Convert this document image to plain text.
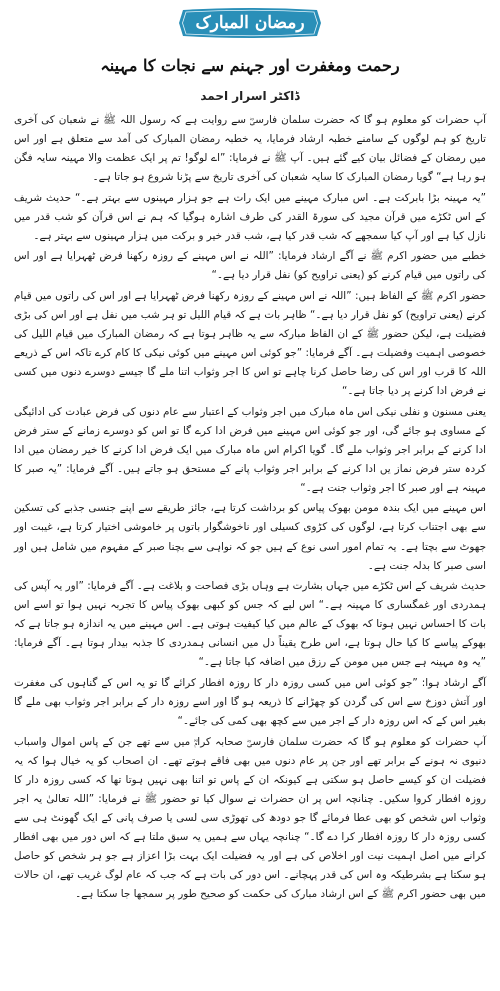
رمضان المبارک
رحمت ومغفرت اور جہنم سے نجات کا مہینہ
ڈاکٹر اسرار احمد

آپ حضرات کو معلوم ہو گا کہ حضرت سلمان فارسیؓ سے روایت ہے کہ رسول اللہ ﷺ نے شعبان کی آخری تاریخ کو ہم لوگوں کے سامنے خطبہ ارشاد فرمایا، یہ خطبہ رمضان المبارک کی آمد سے متعلق ہے اور اس میں رمضان کے فضائل بیان کیے گئے ہیں۔ آپ ﷺ نے فرمایا: ”اے لوگو! تم پر ایک عظمت والا مہینہ سایہ فگن ہو رہا ہے“ گویا رمضان المبارک کا سایہ شعبان کی آخری تاریخ سے پڑنا شروع ہو جاتا ہے۔

”یہ مہینہ بڑا بابرکت ہے۔ اس مبارک مہینے میں ایک رات ہے جو ہزار مہینوں سے بہتر ہے۔“ حدیث شریف کے اس ٹکڑے میں قرآن مجید کی سورۃ القدر کی طرف اشارہ ہوگیا کہ ہم نے اس قرآن کو شب قدر میں نازل کیا ہے اور آپ کیا سمجھے کہ شب قدر کیا ہے، شب قدر خیر و برکت میں ہزار مہینوں سے بہتر ہے۔

خطبے میں حضور اکرم ﷺ نے آگے ارشاد فرمایا: ”اللہ نے اس مہینے کے روزہ رکھنا فرض ٹھہرایا ہے اور اس کی راتوں میں قیام کرنے کو (یعنی تراویح کو) نفل قرار دیا ہے۔“

حضور اکرم ﷺ کے الفاظ ہیں: ”اللہ نے اس مہینے کے روزہ رکھنا فرض ٹھہرایا ہے اور اس کی راتوں میں قیام کرنے (یعنی تراویح) کو نفل قرار دیا ہے۔“ ظاہر بات ہے کہ قیام اللیل تو ہر شب میں نفل ہے اور اس کی بڑی فضیلت ہے، لیکن حضور ﷺ کے ان الفاظ مبارکہ سے یہ ظاہر ہوتا ہے کہ رمضان المبارک میں قیام اللیل کی خصوصی اہمیت وفضیلت ہے۔ آگے فرمایا: ”جو کوئی اس مہینے میں کوئی نیکی کا کام کرے تاکہ اس کے ذریعے اللہ کا قرب اور اس کی رضا حاصل کرنا چاہے تو اس کا اجر وثواب اتنا ملے گا جیسے دوسرے دنوں میں کسی نے فرض ادا کرنے پر دیا جاتا ہے۔“

یعنی مسنون و نفلی نیکی اس ماہ مبارک میں اجر وثواب کے اعتبار سے عام دنوں کی فرض عبادت کی ادائیگی کے مساوی ہو جائے گی، اور جو کوئی اس مہینے میں فرض ادا کرے گا تو اس کو دوسرے زمانے کے ستر فرض ادا کرنے کے برابر اجر وثواب ملے گا۔ گویا اکرام اس ماہ مبارک میں ایک فرض ادا کرنے کا خیر رمضان میں ادا کردہ ستر فرض نماز یں ادا کرنے کے برابر اجر وثواب پانے کے مستحق ہو جاتے ہیں۔ آگے فرمایا: ”یہ صبر کا مہینہ ہے اور صبر کا اجر وثواب جنت ہے۔“

اس مہینے میں ایک بندہ مومن بھوک پیاس کو برداشت کرتا ہے، جائز طریقے سے اپنے جنسی جذبے کی تسکین سے بھی اجتناب کرتا ہے، لوگوں کی کڑوی کسیلی اور ناخوشگوار باتوں پر خاموشی اختیار کرتا ہے، غیبت اور جھوٹ سے بچتا ہے۔ یہ تمام امور اسی نوع کے ہیں جو کہ نواہی سے بچنا صبر کے مفہوم میں شامل ہیں اور اسی صبر کا بدلہ جنت ہے۔

حدیث شریف کے اس ٹکڑے میں جہاں بشارت ہے وہاں بڑی فصاحت و بلاغت ہے۔ آگے فرمایا: ”اور یہ آپس کی ہمدردی اور غمگساری کا مہینہ ہے۔“ اس لیے کہ جس کو کبھی بھوک پیاس کا تجربہ نہیں ہوا تو اسے اس بات کا احساس نہیں ہوتا کہ بھوک کے عالم میں کیا کیفیت ہوتی ہے۔ اس مہینے میں یہ اندازہ ہو جاتا ہے کہ بھوکے پیاسے کا کیا حال ہوتا ہے، اس طرح یقیناً دل میں انسانی ہمدردی کا جذبہ بیدار ہوتا ہے۔ آگے فرمایا: ”یہ وہ مہینہ ہے جس میں مومن کے رزق میں اضافہ کیا جاتا ہے۔“

آگے ارشاد ہوا: ”جو کوئی اس میں کسی روزہ دار کا روزہ افطار کرائے گا تو یہ اس کے گناہوں کی مغفرت اور آتش دوزخ سے اس کی گردن کو چھڑانے کا ذریعہ ہو گا اور اسے روزہ دار کے برابر اجر وثواب بھی ملے گا بغیر اس کے کہ اس روزہ دار کے اجر میں سے کچھ بھی کمی کی جائے۔“

آپ حضرات کو معلوم ہو گا کہ حضرت سلمان فارسیؓ صحابہ کرامؓ میں سے تھے جن کے پاس اموال واسباب دنیوی نہ ہونے کے برابر تھے اور جن پر عام دنوں میں بھی فاقے ہوتے تھے۔ ان اصحاب کو یہ خیال ہوا کہ یہ فضیلت ان کو کیسے حاصل ہو سکتی ہے کیونکہ ان کے پاس تو اتنا بھی نہیں ہوتا تھا کہ کسی روزہ دار کا روزہ افطار کروا سکیں۔ چنانچہ اس پر ان حضرات نے سوال کیا تو حضور ﷺ نے فرمایا: ”اللہ تعالیٰ یہ اجر وثواب اس شخص کو بھی عطا فرمائے گا جو دودھ کی تھوڑی سی لسی یا صرف پانی کے ایک گھونٹ ہی سے کسی روزہ دار کا روزہ افطار کرا دے گا۔“ چنانچہ یہاں سے ہمیں یہ سبق ملتا ہے کہ اس دور میں بھی افطار کرانے میں اصل اہمیت نیت اور اخلاص کی ہے اور یہ فضیلت ایک بہت بڑا اعزاز ہے جو ہر شخص کو حاصل ہو سکتا ہے بشرطیکہ وہ اس کی قدر پہچانے۔ اس دور کی بات ہے کہ جب کہ عام لوگ غریب تھے، ان حالات میں بھی حضور اکرم ﷺ کے اس ارشاد مبارک کی حکمت کو صحیح طور پر سمجھا جا سکتا ہے۔
